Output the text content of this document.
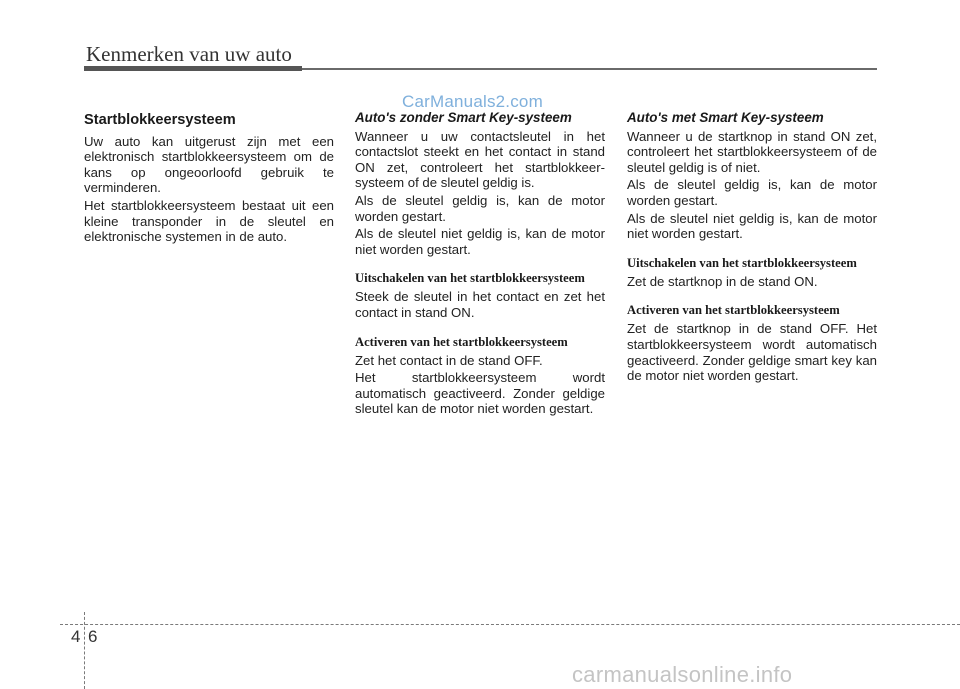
Kenmerken van uw auto
CarManuals2.com
Startblokkeersysteem

Uw auto kan uitgerust zijn met een elektronisch startblokkeersysteem om de kans op ongeoorloofd gebruik te verminderen.

Het startblokkeersysteem bestaat uit een kleine transponder in de sleutel en elektronische systemen in de auto.

Auto's zonder Smart Key-systeem

Wanneer u uw contactsleutel in het contactslot steekt en het contact in stand ON zet, controleert het startblokkeer-systeem of de sleutel geldig is.

Als de sleutel geldig is, kan de motor worden gestart.

Als de sleutel niet geldig is, kan de motor niet worden gestart.

Uitschakelen van het startblokkeersysteem

Steek de sleutel in het contact en zet het contact in stand ON.

Activeren van het startblokkeersysteem

Zet het contact in de stand OFF.

Het startblokkeersysteem wordt automatisch geactiveerd. Zonder geldige sleutel kan de motor niet worden gestart.

Auto's met Smart Key-systeem

Wanneer u de startknop in stand ON zet, controleert het startblokkeersysteem of de sleutel geldig is of niet.

Als de sleutel geldig is, kan de motor worden gestart.

Als de sleutel niet geldig is, kan de motor niet worden gestart.

Uitschakelen van het startblokkeersysteem

Zet de startknop in de stand ON.

Activeren van het startblokkeersysteem

Zet de startknop in de stand OFF. Het startblokkeersysteem wordt automatisch geactiveerd. Zonder geldige smart key kan de motor niet worden gestart.

4 6
carmanualsonline.info
